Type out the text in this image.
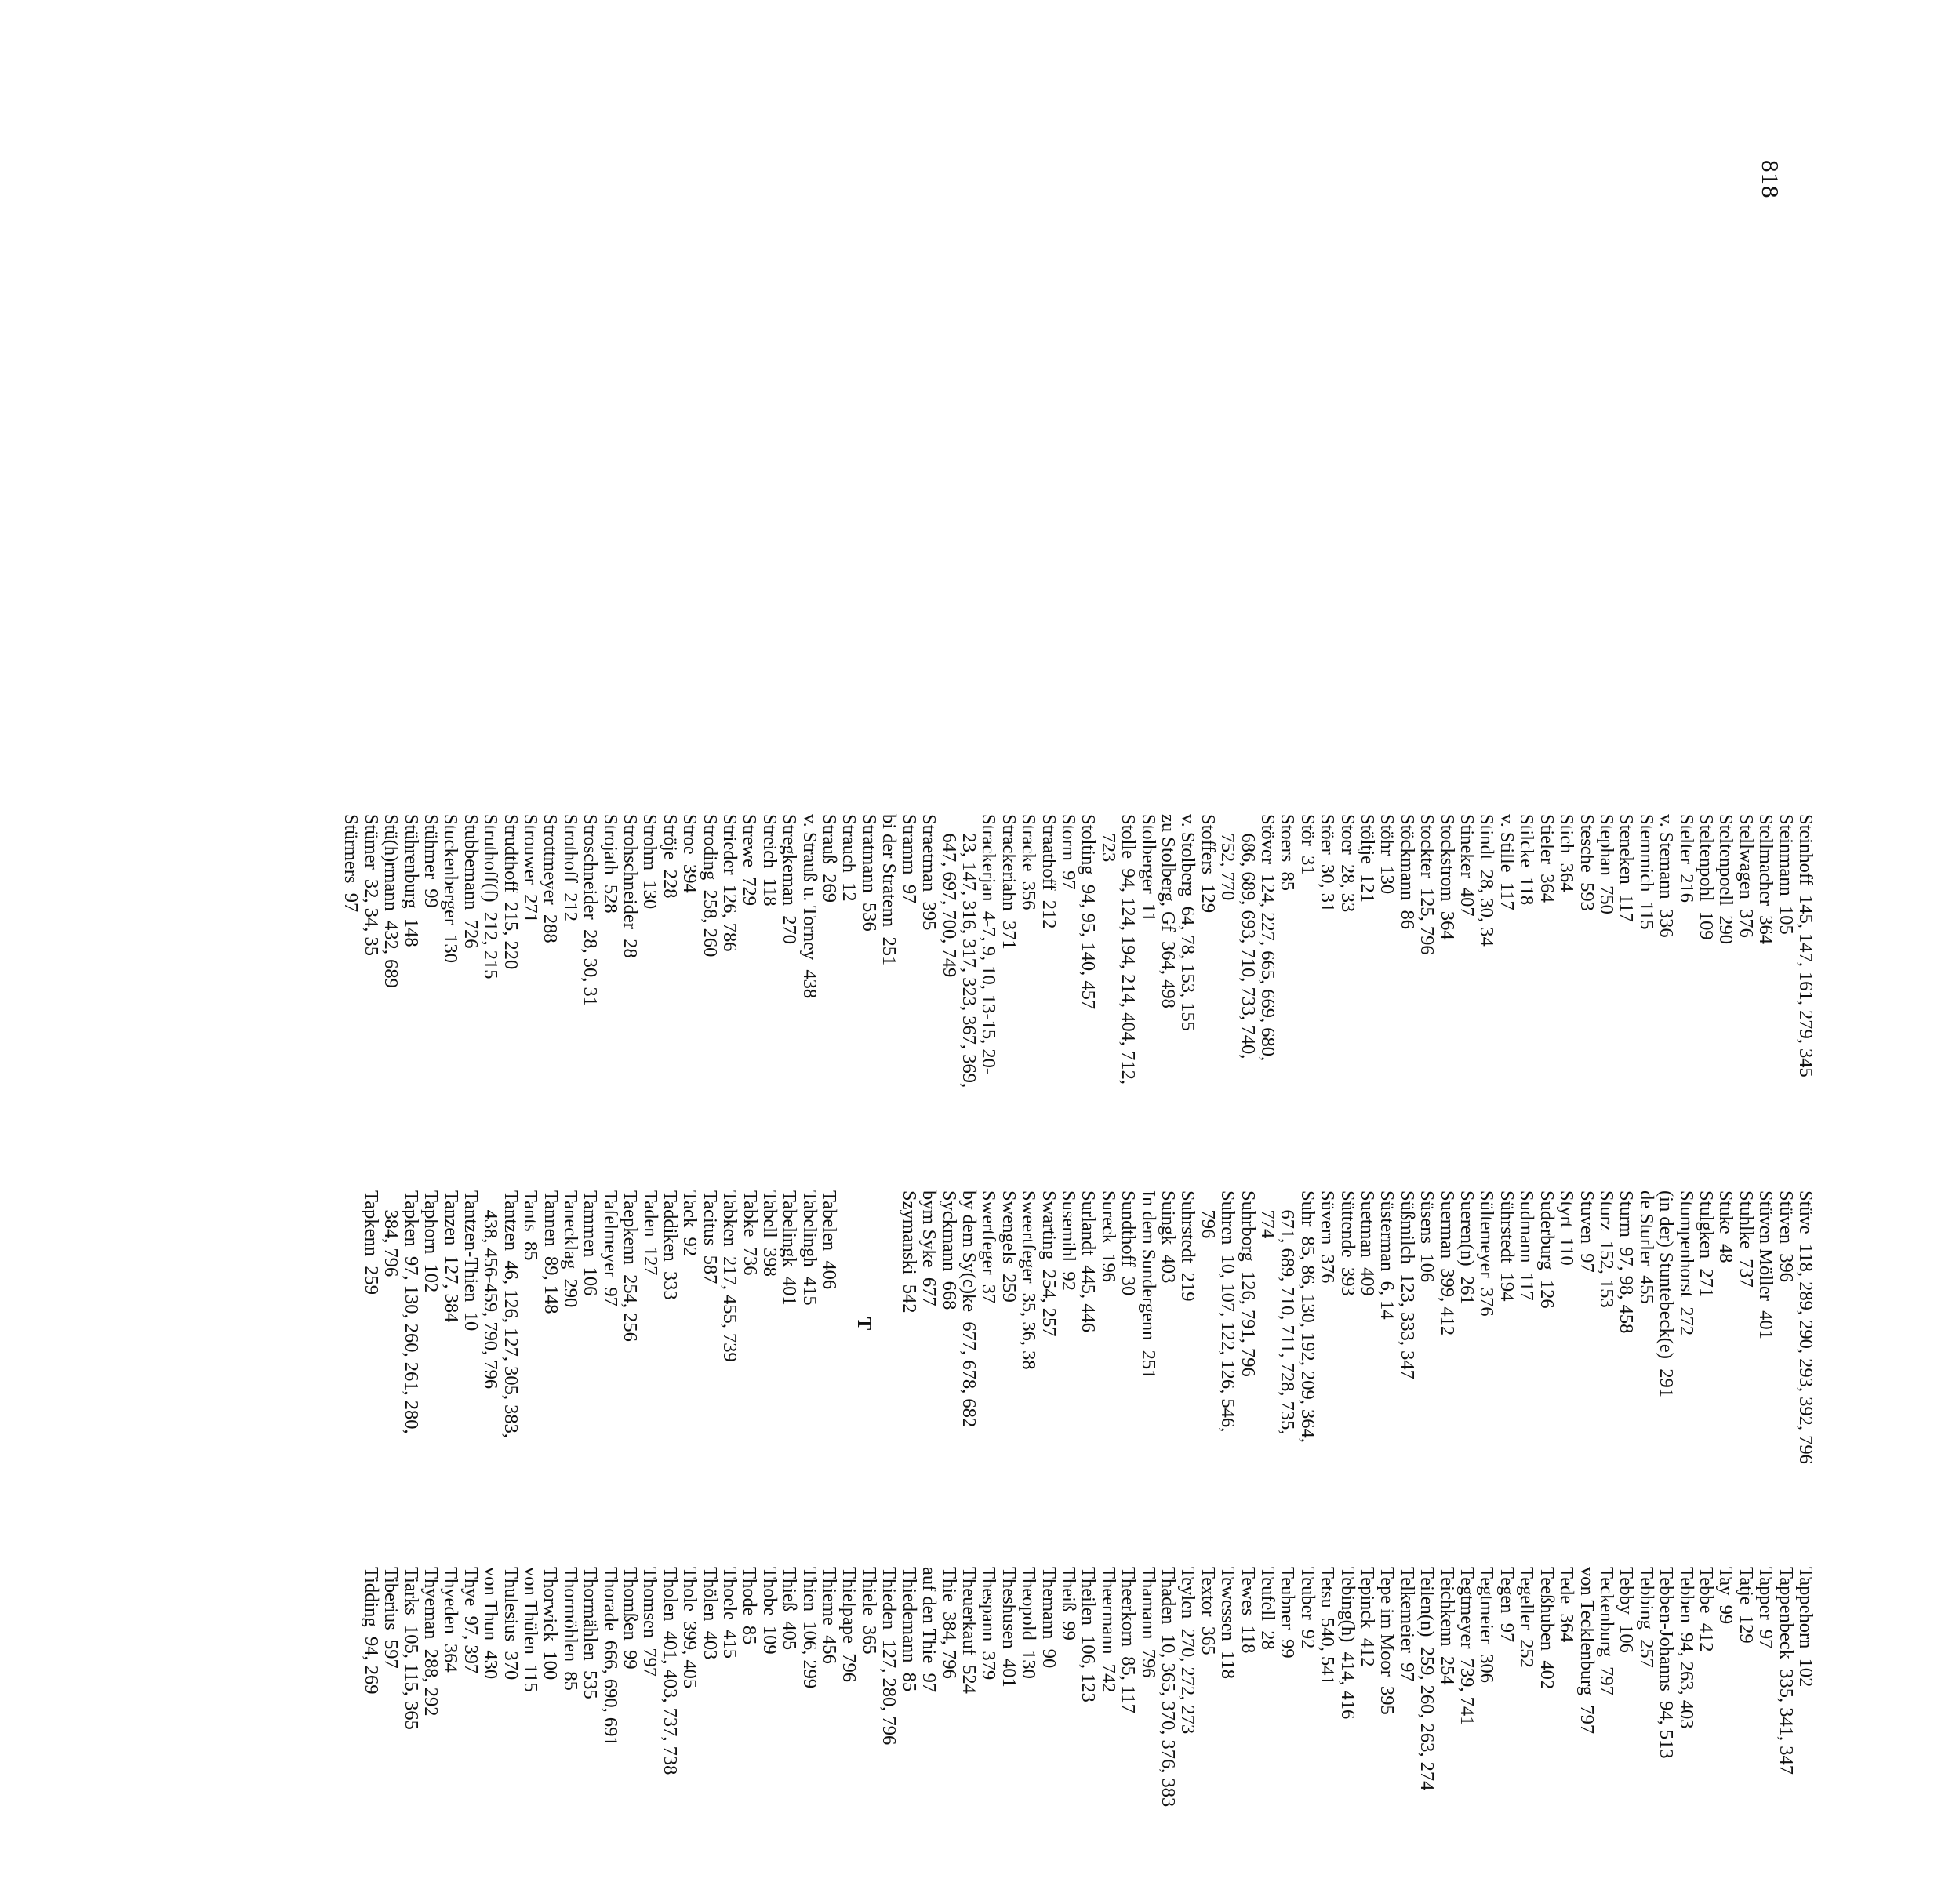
818
Steinhoff  145, 147, 161, 279, 345
Steinmann  105
Stellmacher  364
Stellwagen  376
Steltenpoell  290
Steltenpohl  109
Stelter  216
v. Stemann  336
Stemmich  115
Steneken  117
Stephan  750
Stesche  593
Stich  364
Stieler  364
Stilcke  118
v. Stille  117
Stindt  28, 30, 34
Stineker  407
Stockstrom  364
Stockter  125, 796
Stöckmann  86
Stöhr  130
Stöltje  121
Stoer  28, 33
Stöer  30, 31
Stör  31
Stoers  85
Stöver  124, 227, 665, 669, 680,
686, 689, 693, 710, 733, 740,
752, 770
Stoffers  129
v. Stolberg  64, 78, 153, 155
zu Stolberg, Gf  364, 498
Stolberger  11
Stolle  94, 124, 194, 214, 404, 712,
723
Stolting  94, 95, 140, 457
Storm  97
Straathoff  212
Stracke  356
Strackeriahn  371
Strackerjan  4-7, 9, 10, 13-15, 20-
23, 147, 316, 317, 323, 367, 369,
647, 697, 700, 749
Straetman  395
Stramm  97
bi der Stratenn  251
Stratmann  536
Strauch  12
Strauß  269
v. Strauß u. Torney  438
Stregkeman  270
Streich  118
Strewe  729
Strieder  126, 786
Stroding  258, 260
Stroe  394
Ströje  228
Strohm  130
Strohschneider  28
Strojath  528
Stroschneider  28, 30, 31
Strothoff  212
Strottmeyer  288
Strouwer  271
Strudthoff  215, 220
Struthoff(f)  212, 215
Stubbemann  726
Stuckenberger  130
Stühmer  99
Stührenburg  148
Stü(h)rmann  432, 689
Stümer  32, 34, 35
Stürmers  97
Stüve  118, 289, 290, 293, 392, 796
Stüven  396
Stüven Möller  401
Stuhlke  737
Stuke  48
Stulgken  271
Stumpenhorst  272
(in der) Stuntebeck(e)  291
de Sturler  455
Sturm  97, 98, 458
Sturz  152, 153
Stuven  97
Styrt  110
Suderburg  126
Sudmann  117
Sührstedt  194
Sültemeyer  376
Sueren(n)  261
Suerman  399, 412
Süsens  106
Süßmilch  123, 333, 347
Süsterman  6, 14
Suetman  409
Süttende  393
Süvern  376
Suhr  85, 86, 130, 192, 209, 364,
671, 689, 710, 711, 728, 735,
774
Suhrborg  126, 791, 796
Suhren  10, 107, 122, 126, 546,
796
Suhrstedt  219
Suingk  403
In dem Sundergenn  251
Sundthoff  30
Sureck  196
Surlandt  445, 446
Susemihl  92
Swarting  254, 257
Sweertfeger  35, 36, 38
Swengels  259
Swertfeger  37
by dem Sy(c)ke  677, 678, 682
Syckmann  668
bym Syke  677
Szymanski  542
T
Tabelen  406
Tabelingh  415
Tabelingk  401
Tabell  398
Tabke  736
Tabken  217, 455, 739
Tacitus  587
Tack  92
Taddiken  333
Taden  127
Taepkenn  254, 256
Tafelmeyer  97
Tammen  106
Tanecklag  290
Tannen  89, 148
Tants  85
Tantzen  46, 126, 127, 305, 383,
438, 456-459, 790, 796
Tantzen-Thien  10
Tanzen  127, 384
Taphorn  102
Tapken  97, 130, 260, 261, 280,
384, 796
Tapkenn  259
Tappehorn  102
Tappenbeck  335, 341, 347
Tapper  97
Tatje  129
Tay  99
Tebbe  412
Tebben  94, 263, 403
Tebben-Johanns  94, 513
Tebbing  257
Tebby  106
Teckenburg  797
von Tecklenburg  797
Tede  364
Teeßhuben  402
Tegeller  252
Tegen  97
Tegtmeier  306
Tegtmeyer  739, 741
Teichkenn  254
Teilen(n)  259, 260, 263, 274
Telkemeier  97
Tepe im Moor  395
Tepinck  412
Tebing(h)  414, 416
Tetsu  540, 541
Teuber  92
Teubner  99
Teufell  28
Tewes  118
Tewessen  118
Textor  365
Teylen  270, 272, 273
Thaden  10, 365, 370, 376, 383
Thamann  796
Theerkorn  85, 117
Theermann  742
Theilen  106, 123
Theiß  99
Themann  90
Theopold  130
Theshusen  401
Thespann  379
Theuerkauf  524
Thie  384, 796
auf den Thie  97
Thiedemann  85
Thieden  127, 280, 796
Thiele  365
Thielpape  796
Thieme  456
Thien  106, 299
Thieß  405
Thobe  109
Thode  85
Thoele  415
Thölen  403
Thole  399, 405
Tholen  401, 403, 737, 738
Thomsen  797
Thomßen  99
Thorade  666, 690, 691
Thormählen  535
Thormöhlen  85
Thorwick  100
von Thülen  115
Thulesius  370
von Thun  430
Thye  97, 397
Thyeden  364
Thyeman  288, 292
Tiarks  105, 115, 365
Tiberius  597
Tidding  94, 269
